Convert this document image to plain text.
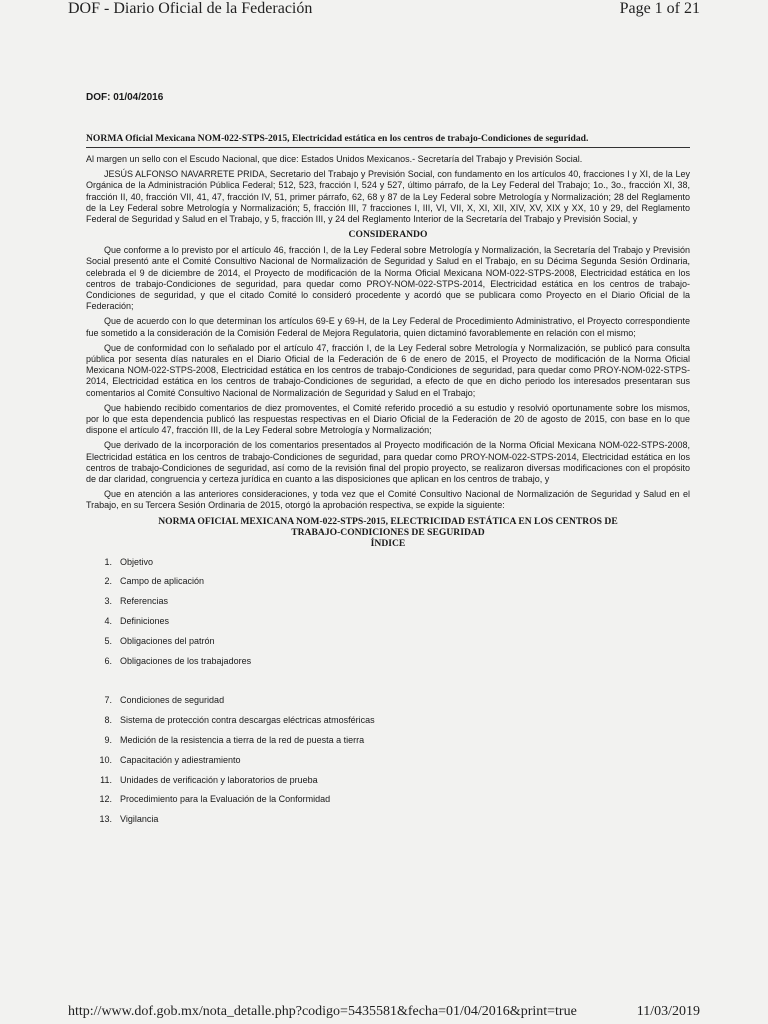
DOF - Diario Oficial de la Federación	Page 1 of 21

DOF: 01/04/2016

NORMA Oficial Mexicana NOM-022-STPS-2015, Electricidad estática en los centros de trabajo-Condiciones de seguridad.

Al margen un sello con el Escudo Nacional, que dice: Estados Unidos Mexicanos.- Secretaría del Trabajo y Previsión Social.

JESÚS ALFONSO NAVARRETE PRIDA, Secretario del Trabajo y Previsión Social, con fundamento en los artículos 40, fracciones I y XI, de la Ley Orgánica de la Administración Pública Federal; 512, 523, fracción I, 524 y 527, último párrafo, de la Ley Federal del Trabajo; 1o., 3o., fracción XI, 38, fracción II, 40, fracción VII, 41, 47, fracción IV, 51, primer párrafo, 62, 68 y 87 de la Ley Federal sobre Metrología y Normalización; 28 del Reglamento de la Ley Federal sobre Metrología y Normalización; 5, fracción III, 7 fracciones I, III, VI, VII, X, XI, XII, XIV, XV, XIX y XX, 10 y 29, del Reglamento Federal de Seguridad y Salud en el Trabajo, y 5, fracción III, y 24 del Reglamento Interior de la Secretaría del Trabajo y Previsión Social, y

CONSIDERANDO

Que conforme a lo previsto por el artículo 46, fracción I, de la Ley Federal sobre Metrología y Normalización, la Secretaría del Trabajo y Previsión Social presentó ante el Comité Consultivo Nacional de Normalización de Seguridad y Salud en el Trabajo, en su Décima Segunda Sesión Ordinaria, celebrada el 9 de diciembre de 2014, el Proyecto de modificación de la Norma Oficial Mexicana NOM-022-STPS-2008, Electricidad estática en los centros de trabajo-Condiciones de seguridad, para quedar como PROY-NOM-022-STPS-2014, Electricidad estática en los centros de trabajo-Condiciones de seguridad, y que el citado Comité lo consideró procedente y acordó que se publicara como Proyecto en el Diario Oficial de la Federación;

Que de acuerdo con lo que determinan los artículos 69-E y 69-H, de la Ley Federal de Procedimiento Administrativo, el Proyecto correspondiente fue sometido a la consideración de la Comisión Federal de Mejora Regulatoria, quien dictaminó favorablemente en relación con el mismo;

Que de conformidad con lo señalado por el artículo 47, fracción I, de la Ley Federal sobre Metrología y Normalización, se publicó para consulta pública por sesenta días naturales en el Diario Oficial de la Federación de 6 de enero de 2015, el Proyecto de modificación de la Norma Oficial Mexicana NOM-022-STPS-2008, Electricidad estática en los centros de trabajo-Condiciones de seguridad, para quedar como PROY-NOM-022-STPS-2014, Electricidad estática en los centros de trabajo-Condiciones de seguridad, a efecto de que en dicho periodo los interesados presentaran sus comentarios al Comité Consultivo Nacional de Normalización de Seguridad y Salud en el Trabajo;

Que habiendo recibido comentarios de diez promoventes, el Comité referido procedió a su estudio y resolvió oportunamente sobre los mismos, por lo que esta dependencia publicó las respuestas respectivas en el Diario Oficial de la Federación de 20 de agosto de 2015, con base en lo que dispone el artículo 47, fracción III, de la Ley Federal sobre Metrología y Normalización;

Que derivado de la incorporación de los comentarios presentados al Proyecto modificación de la Norma Oficial Mexicana NOM-022-STPS-2008, Electricidad estática en los centros de trabajo-Condiciones de seguridad, para quedar como PROY-NOM-022-STPS-2014, Electricidad estática en los centros de trabajo-Condiciones de seguridad, así como de la revisión final del propio proyecto, se realizaron diversas modificaciones con el propósito de dar claridad, congruencia y certeza jurídica en cuanto a las disposiciones que aplican en los centros de trabajo, y

Que en atención a las anteriores consideraciones, y toda vez que el Comité Consultivo Nacional de Normalización de Seguridad y Salud en el Trabajo, en su Tercera Sesión Ordinaria de 2015, otorgó la aprobación respectiva, se expide la siguiente:

NORMA OFICIAL MEXICANA NOM-022-STPS-2015, ELECTRICIDAD ESTÁTICA EN LOS CENTROS DE
TRABAJO-CONDICIONES DE SEGURIDAD
ÍNDICE
1. Objetivo
2. Campo de aplicación
3. Referencias
4. Definiciones
5. Obligaciones del patrón
6. Obligaciones de los trabajadores
7. Condiciones de seguridad
8. Sistema de protección contra descargas eléctricas atmosféricas
9. Medición de la resistencia a tierra de la red de puesta a tierra
10. Capacitación y adiestramiento
11. Unidades de verificación y laboratorios de prueba
12. Procedimiento para la Evaluación de la Conformidad
13. Vigilancia
http://www.dof.gob.mx/nota_detalle.php?codigo=5435581&fecha=01/04/2016&print=true	11/03/2019
